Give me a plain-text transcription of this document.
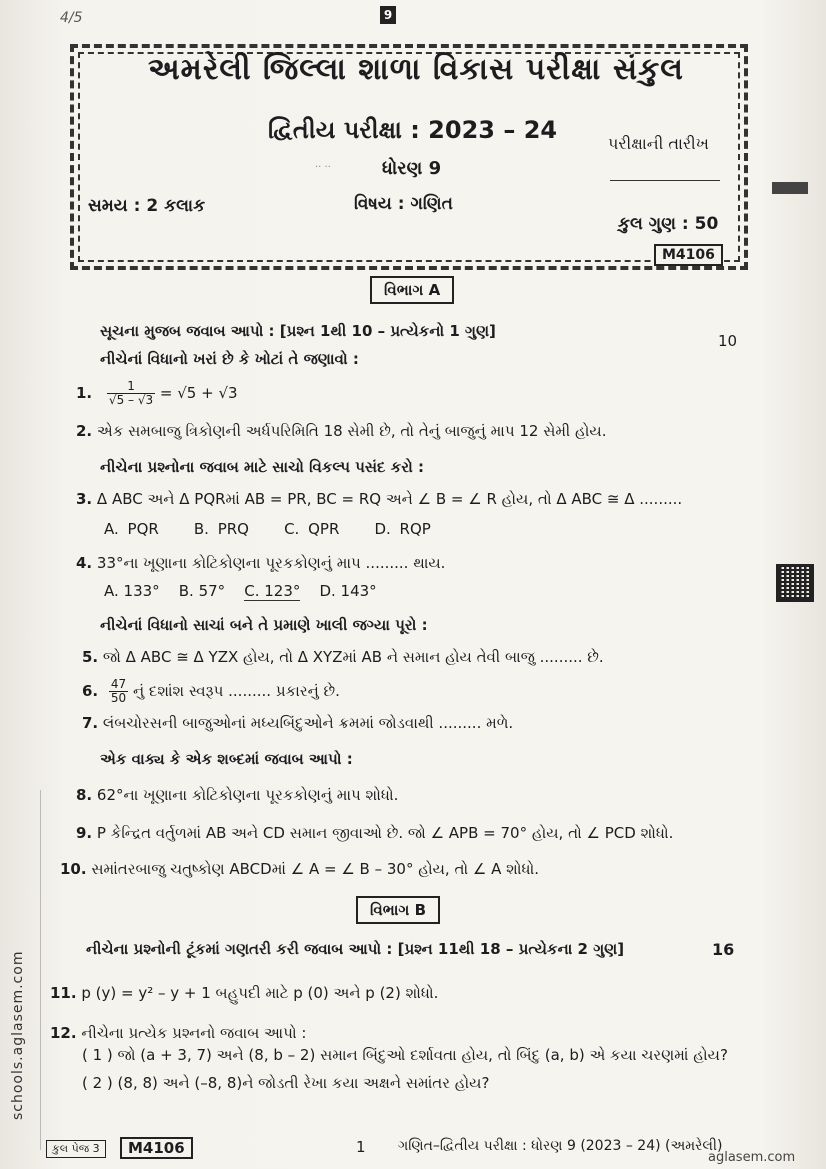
9
4/5
અમરેલી જિલ્લા શાળા વિકાસ પરીક્ષા સંકુલ
દ્વિતીય પરીક્ષા : 2023 – 24	પરીક્ષાની તારીખ
·· ··	ધોરણ 9
સમય : 2 કલાક	વિષય : ગણિત
કુલ ગુણ : 50
M4106
વિભાગ A
સૂચના મુજબ જવાબ આપો : [પ્રશ્ન 1થી 10 – પ્રત્યેકનો 1 ગુણ]
10
નીચેનાં વિધાનો ખરાં છે કે ખોટાં તે જણાવો :
1. $\frac{1}{√5 - √3} = √5 + √3$
2. એક સમબાજુ ત્રિકોણની અર્ધપરિમિતિ 18 સેમી છે, તો તેનું બાજુનું માપ 12 સેમી હોય.
નીચેના પ્રશ્નોના જવાબ માટે સાચો વિકલ્પ પસંદ કરો :
3. Δ ABC અને Δ PQRમાં AB = PR, BC = RQ અને ∠ B = ∠ R હોય, તો Δ ABC ≅ Δ .........
A. PQR B. PRQ C. QPR D. RQP
4. 33°ના ખૂણાના કોટિકોણના પૂરકકોણનું માપ ......... થાય.
A. 133° B. 57° C. 123° D. 143°
નીચેનાં વિધાનો સાચાં બને તે પ્રમાણે ખાલી જગ્યા પૂરો :
5. જો Δ ABC ≅ Δ YZX હોય, તો Δ XYZમાં AB ને સમાન હોય તેવી બાજુ ......... છે.
6. $\frac{47}{50}$ નું દશાંશ સ્વરૂપ ......... પ્રકારનું છે.
7. લંબચોરસની બાજુઓનાં મધ્યબિંદુઓને ક્રમમાં જોડવાથી ......... મળે.
એક વાક્ય કે એક શબ્દમાં જવાબ આપો :
8. 62°ના ખૂણાના કોટિકોણના પૂરકકોણનું માપ શોધો.
9. P કેન્દ્રિત વર્તુળમાં AB અને CD સમાન જીવાઓ છે. જો ∠ APB = 70° હોય, તો ∠ PCD શોધો.
10. સમાંતરબાજુ ચતુષ્કોણ ABCDમાં ∠ A = ∠ B – 30° હોય, તો ∠ A શોધો.
વિભાગ B
નીચેના પ્રશ્નોની ટૂંકમાં ગણતરી કરી જવાબ આપો : [પ્રશ્ન 11થી 18 – પ્રત્યેકના 2 ગુણ]	16
11. p (y) = y² – y + 1 બહુપદી માટે p (0) અને p (2) શોધો.
12. નીચેના પ્રત્યેક પ્રશ્નનો જવાબ આપો :
( 1 ) જો (a + 3, 7) અને (8, b – 2) સમાન બિંદુઓ દર્શાવતા હોય, તો બિંદુ (a, b) એ કયા ચરણમાં હોય?
( 2 ) (8, 8) અને (–8, 8)ને જોડતી રેખા કયા અક્ષને સમાંતર હોય?
schools.aglasem.com
કુલ પેજ 3	M4106	1 ગણિત–દ્વિતીય પરીક્ષા : ધોરણ 9 (2023 – 24) (અમરેલી)
aglasem.com
